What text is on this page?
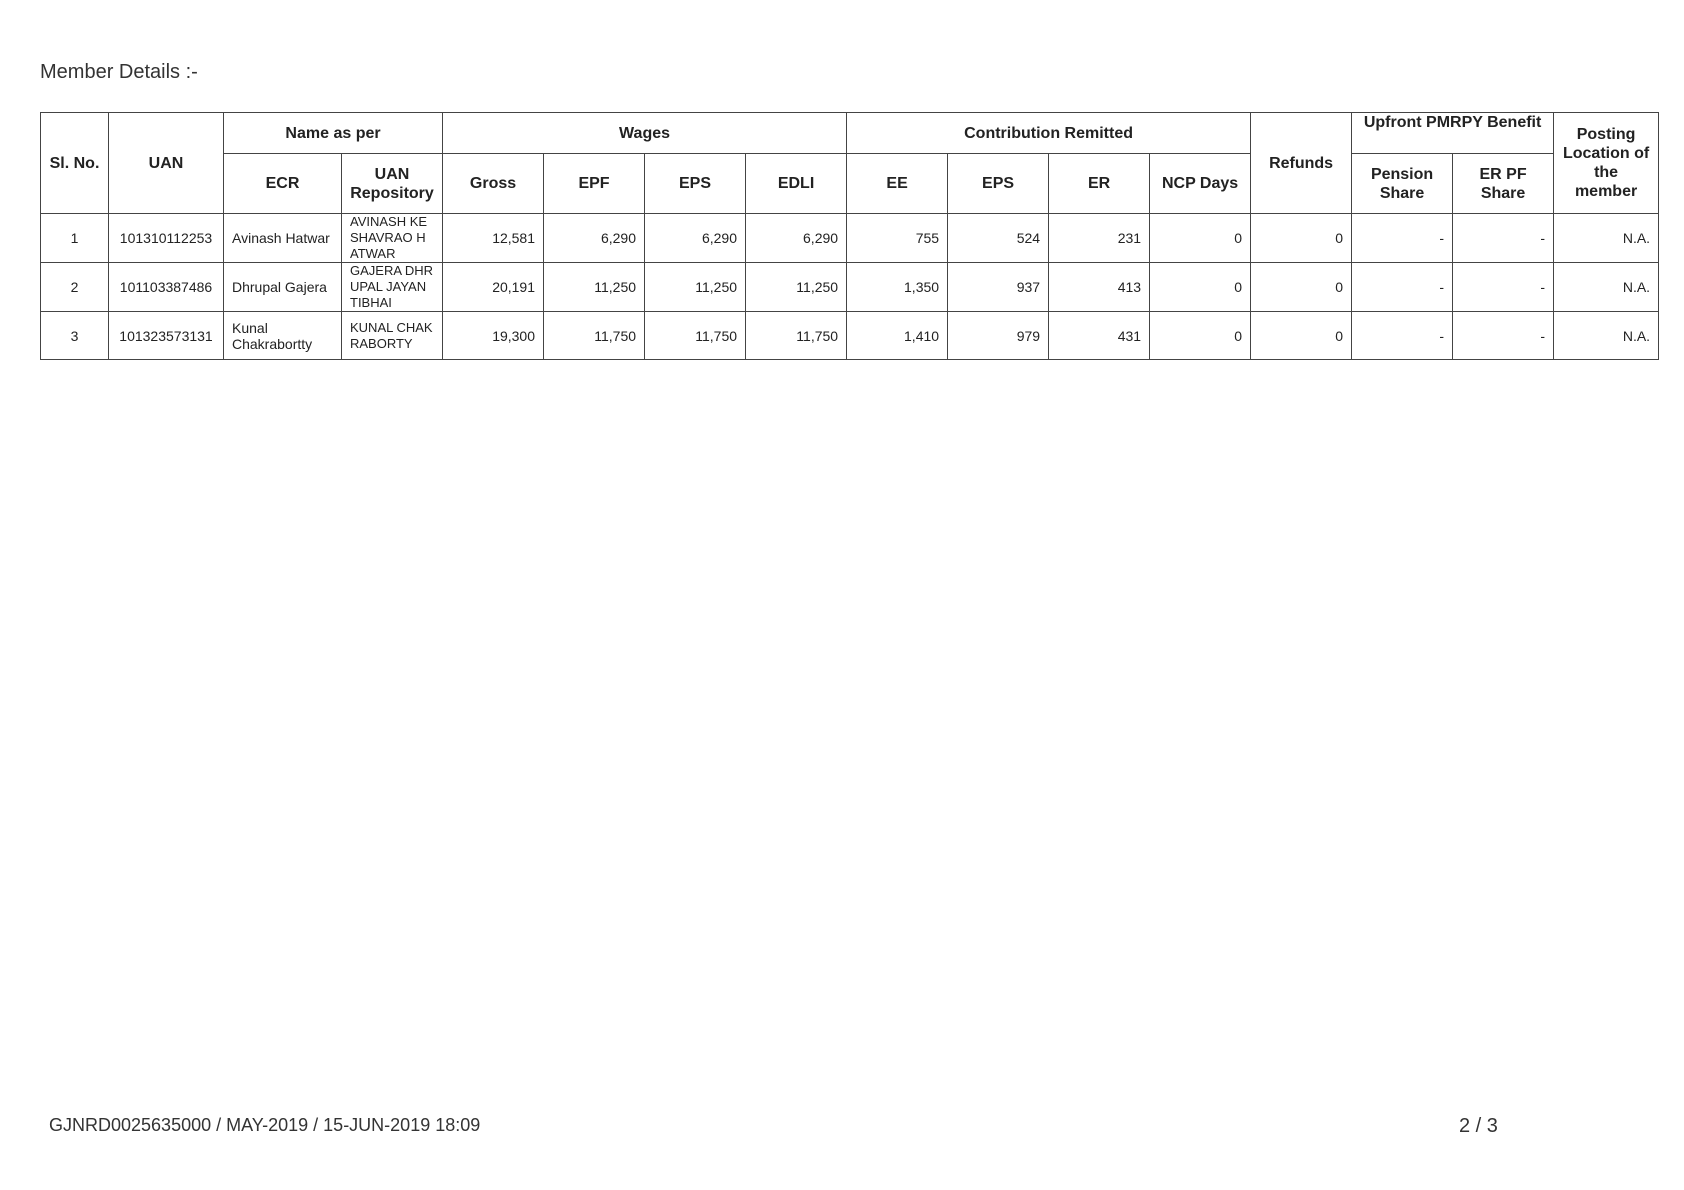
Member Details :-
Sl. No.	UAN	Name as per		Wages				Contribution Remitted				Refunds	Upfront PMRPY Benefit		Posting Location of the member
		ECR	UAN Repository	Gross	EPF	EPS	EDLI	EE	EPS	ER	NCP Days		Pension Share	ER PF Share	
1	101310112253	Avinash Hatwar	AVINASH KESHAVRAO HATWAR	12,581	6,290	6,290	6,290	755	524	231	0	0	-	-	N.A.
2	101103387486	Dhrupal Gajera	GAJERA DHRUPAL JAYANTIBHAI	20,191	11,250	11,250	11,250	1,350	937	413	0	0	-	-	N.A.
3	101323573131	Kunal Chakrabortty	KUNAL CHAKRABORTY	19,300	11,750	11,750	11,750	1,410	979	431	0	0	-	-	N.A.
GJNRD0025635000 / MAY-2019 / 15-JUN-2019 18:09	2 / 3
